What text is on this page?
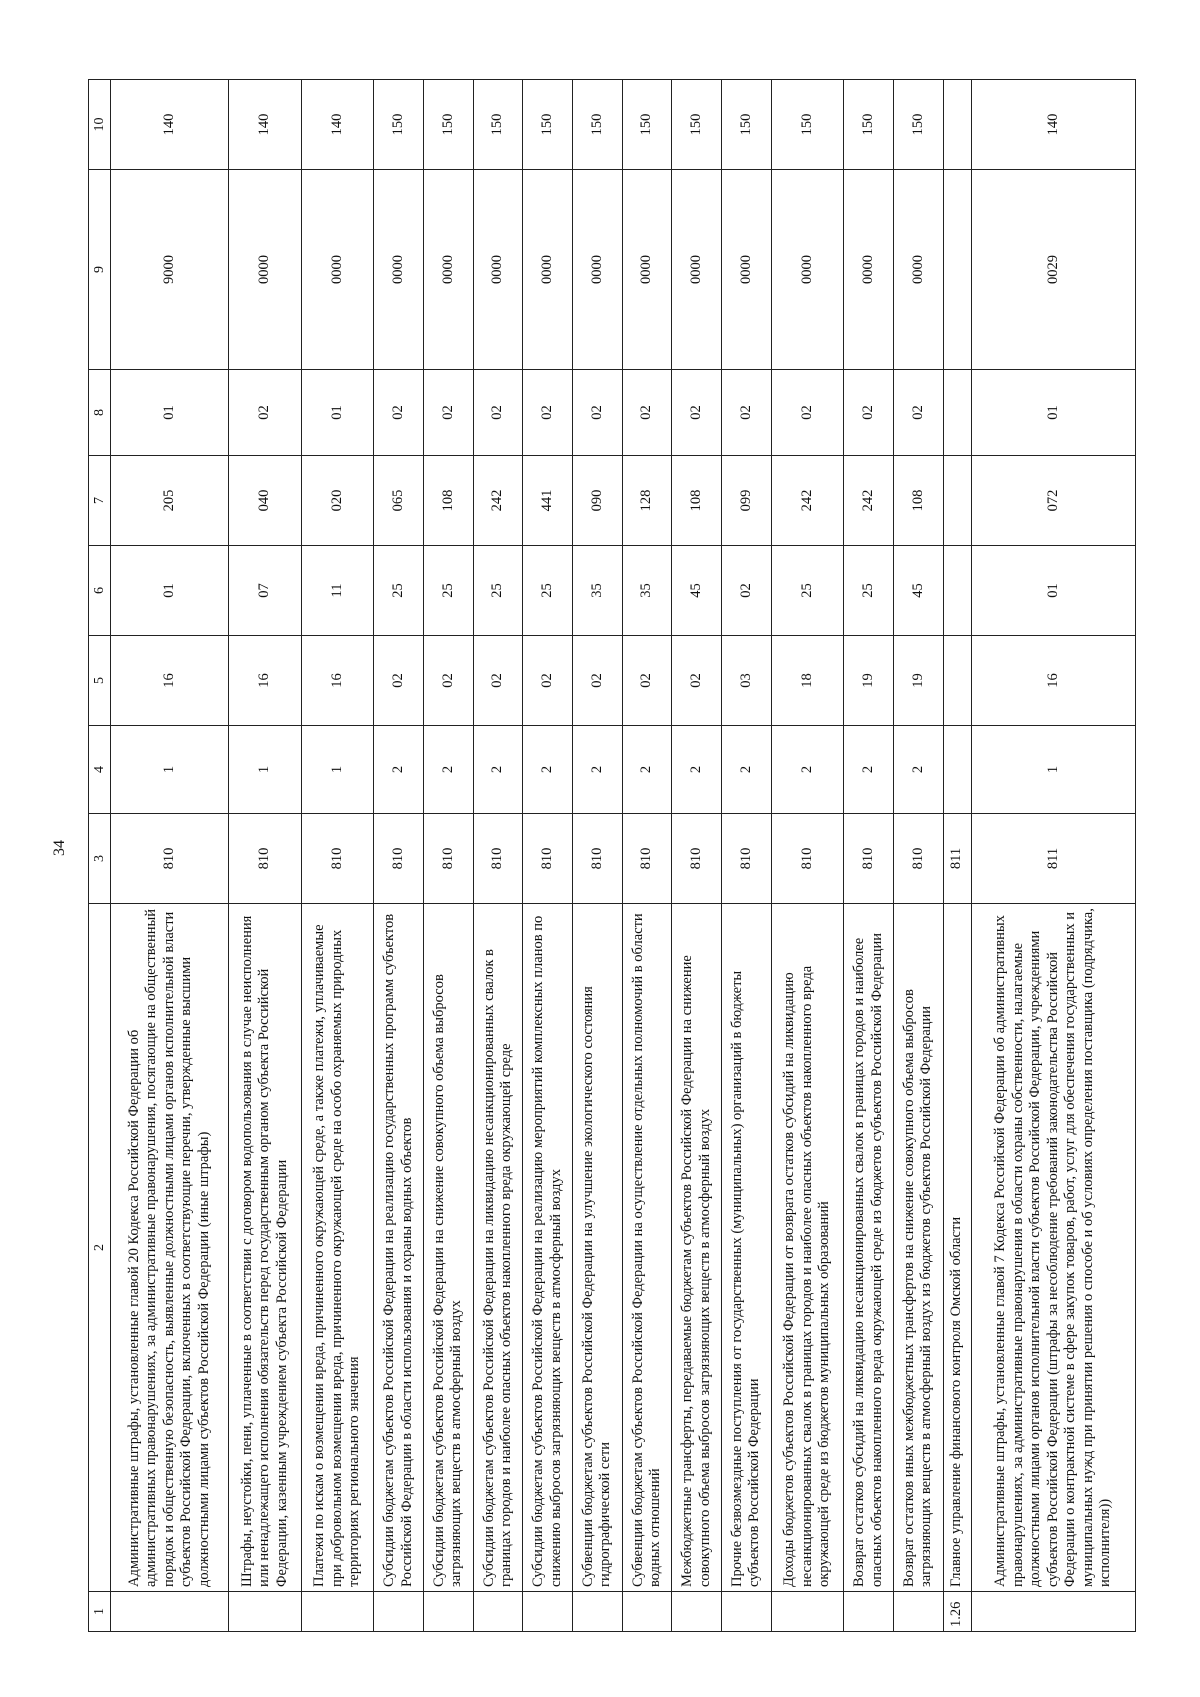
34
1	2	3	4	5	6	7	8	9	10
	Административные штрафы, установленные главой 20 Кодекса Российской Федерации об административных правонарушениях, за административные правонарушения, посягающие на общественный порядок и общественную безопасность, выявленные должностными лицами органов исполнительной власти субъектов Российской Федерации, включенных в соответствующие перечни, утвержденные высшими должностными лицами субъектов Российской Федерации (иные штрафы)	810	1	16	01	205	01	9000	140
	Штрафы, неустойки, пени, уплаченные в соответствии с договором водопользования в случае неисполнения или ненадлежащего исполнения обязательств перед государственным органом субъекта Российской Федерации, казенным учреждением субъекта Российской Федерации	810	1	16	07	040	02	0000	140
	Платежи по искам о возмещении вреда, причиненного окружающей среде, а также платежи, уплачиваемые при добровольном возмещении вреда, причиненного окружающей среде на особо охраняемых природных территориях регионального значения	810	1	16	11	020	01	0000	140
	Субсидии бюджетам субъектов Российской Федерации на реализацию государственных программ субъектов Российской Федерации в области использования и охраны водных объектов	810	2	02	25	065	02	0000	150
	Субсидии бюджетам субъектов Российской Федерации на снижение совокупного объема выбросов загрязняющих веществ в атмосферный воздух	810	2	02	25	108	02	0000	150
	Субсидии бюджетам субъектов Российской Федерации на ликвидацию несанкционированных свалок в границах городов и наиболее опасных объектов накопленного вреда окружающей среде	810	2	02	25	242	02	0000	150
	Субсидии бюджетам субъектов Российской Федерации на реализацию мероприятий комплексных планов по снижению выбросов загрязняющих веществ в атмосферный воздух	810	2	02	25	441	02	0000	150
	Субвенции бюджетам субъектов Российской Федерации на улучшение экологического состояния гидрографической сети	810	2	02	35	090	02	0000	150
	Субвенции бюджетам субъектов Российской Федерации на осуществление отдельных полномочий в области водных отношений	810	2	02	35	128	02	0000	150
	Межбюджетные трансферты, передаваемые бюджетам субъектов Российской Федерации на снижение совокупного объема выбросов загрязняющих веществ в атмосферный воздух	810	2	02	45	108	02	0000	150
	Прочие безвозмездные поступления от государственных (муниципальных) организаций в бюджеты субъектов Российской Федерации	810	2	03	02	099	02	0000	150
	Доходы бюджетов субъектов Российской Федерации от возврата остатков субсидий на ликвидацию несанкционированных свалок в границах городов и наиболее опасных объектов накопленного вреда окружающей среде из бюджетов муниципальных образований	810	2	18	25	242	02	0000	150
	Возврат остатков субсидий на ликвидацию несанкционированных свалок в границах городов и наиболее опасных объектов накопленного вреда окружающей среде из бюджетов субъектов Российской Федерации	810	2	19	25	242	02	0000	150
	Возврат остатков иных межбюджетных трансфертов на снижение совокупного объема выбросов загрязняющих веществ в атмосферный воздух из бюджетов субъектов Российской Федерации	810	2	19	45	108	02	0000	150
1.26	Главное управление финансового контроля Омской области	811							
	Административные штрафы, установленные главой 7 Кодекса Российской Федерации об административных правонарушениях, за административные правонарушения в области охраны собственности, налагаемые должностными лицами органов исполнительной власти субъектов Российской Федерации, учреждениями субъектов Российской Федерации (штрафы за несоблюдение требований законодательства Российской Федерации о контрактной системе в сфере закупок товаров, работ, услуг для обеспечения государственных и муниципальных нужд при принятии решения о способе и об условиях определения поставщика (подрядчика, исполнителя))	811	1	16	01	072	01	0029	140
